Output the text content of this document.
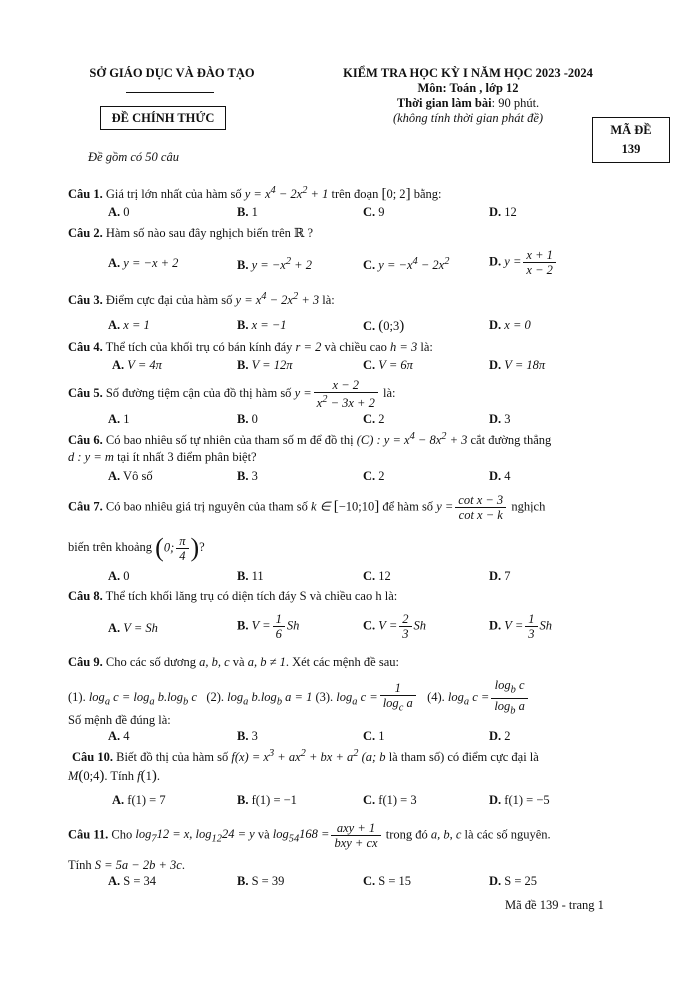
SỞ GIÁO DỤC VÀ ĐÀO TẠO
ĐỀ CHÍNH THỨC
Đề gồm có 50 câu
KIỂM TRA HỌC KỲ I NĂM HỌC 2023 -2024
Môn: Toán , lớp 12
Thời gian làm bài: 90 phút.
(không tính thời gian phát đề)
MÃ ĐỀ
139
Câu 1. Giá trị lớn nhất của hàm số $y = x^4 - 2x^2 + 1$ trên đoạn [0; 2] bằng:
A. 0	B. 1	C. 9	D. 12
Câu 2. Hàm số nào sau đây nghịch biến trên ℝ ?
A. y = −x + 2	B. $y = -x^2 + 2$	C. $y = -x^4 - 2x^2$	D. $y = \frac{x + 1}{x - 2}$
Câu 3. Điểm cực đại của hàm số $y = x^4 - 2x^2 + 3$ là:
A. x = 1	B. x = −1	C. (0;3)	D. x = 0
Câu 4. Thể tích của khối trụ có bán kính đáy r = 2 và chiều cao h = 3 là:
A. V = 4π	B. V = 12π	C. V = 6π	D. V = 18π
Câu 5. Số đường tiệm cận của đồ thị hàm số $y = \frac{x - 2}{x^2 - 3x + 2}$ là:
A. 1	B. 0	C. 2	D. 3
Câu 6. Có bao nhiêu số tự nhiên của tham số m để đồ thị (C) : $y = x^4 - 8x^2 + 3$ cắt đường thẳng
d : y = m tại ít nhất 3 điểm phân biệt?
A. Vô số	B. 3	C. 2	D. 4
Câu 7. Có bao nhiêu giá trị nguyên của tham số k ∈ [−10;10] để hàm số $y = \frac{\text{cot x − 3}}{\text{cot x − k}}$ nghịch
biến trên khoảng (0; $\frac{\pi}{4}$ )?
A. 0	B. 11	C. 12	D. 7
Câu 8. Thể tích khối lăng trụ có diện tích đáy S và chiều cao h là:
A. V = Sh	B. $V = \frac{1}{6}$ Sh	C. $V = \frac{2}{3}$ Sh	D. $V = \frac{1}{3}$ Sh
Câu 9. Cho các số dương a, b, c và a, b ≠ 1. Xét các mệnh đề sau:
(1). $\log_a c = \log_a b.\log_b$ c   (2). $\log_a b.\log_b$ a = 1 (3). $\log_a c = \frac{1}{\log_c a} (4)$. $\log_a c = \frac{\log_b c}{\log_b a}$
Số mệnh đề đúng là:
A. 4	B. 3	C. 1	D. 2
Câu 10. Biết đồ thị của hàm số $f(x) = x^3 + ax^2$ + bx + $a^2$ (a; b là tham số) có điểm cực đại là
M(0;4). Tính f(1).
A. f(1) = 7	B. f(1) = −1	C. f(1) = 3	D. f(1) = −5
Câu 11. Cho $\log_712 = x$, $\log_{12}24 = y$ và $\log_{54}168 = \frac{\text{axy + 1}}{\text{bxy + cx}}$ trong đó a, b, c là các số nguyên.
Tính S = 5a − 2b + 3c.
A. S = 34	B. S = 39	C. S = 15	D. S = 25
Mã đề 139 - trang 1
